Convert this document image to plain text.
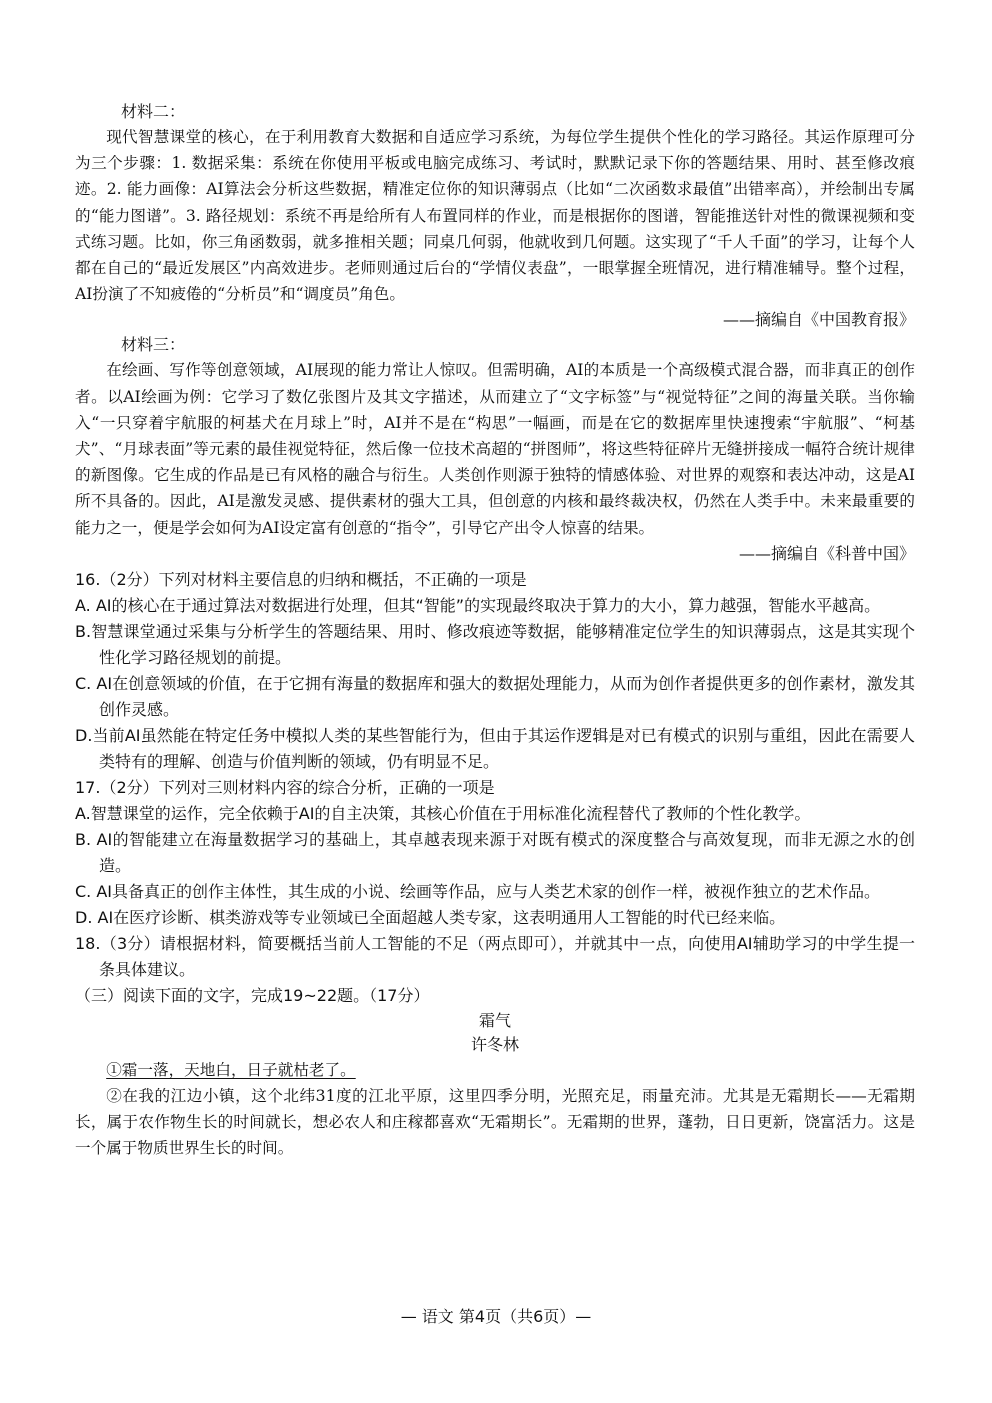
材料二：

现代智慧课堂的核心，在于利用教育大数据和自适应学习系统，为每位学生提供个性化的学习路径。其运作原理可分为三个步骤：1. 数据采集：系统在你使用平板或电脑完成练习、考试时，默默记录下你的答题结果、用时、甚至修改痕迹。2. 能力画像：AI算法会分析这些数据，精准定位你的知识薄弱点（比如“二次函数求最值”出错率高），并绘制出专属的“能力图谱”。3. 路径规划：系统不再是给所有人布置同样的作业，而是根据你的图谱，智能推送针对性的微课视频和变式练习题。比如，你三角函数弱，就多推相关题；同桌几何弱，他就收到几何题。这实现了“千人千面”的学习，让每个人都在自己的“最近发展区”内高效进步。老师则通过后台的“学情仪表盘”，一眼掌握全班情况，进行精准辅导。整个过程，AI扮演了不知疲倦的“分析员”和“调度员”角色。

——摘编自《中国教育报》

材料三：

在绘画、写作等创意领域，AI展现的能力常让人惊叹。但需明确，AI的本质是一个高级模式混合器，而非真正的创作者。以AI绘画为例：它学习了数亿张图片及其文字描述，从而建立了“文字标签”与“视觉特征”之间的海量关联。当你输入“一只穿着宇航服的柯基犬在月球上”时，AI并不是在“构思”一幅画，而是在它的数据库里快速搜索“宇航服”、“柯基犬”、“月球表面”等元素的最佳视觉特征，然后像一位技术高超的“拼图师”，将这些特征碎片无缝拼接成一幅符合统计规律的新图像。它生成的作品是已有风格的融合与衍生。人类创作则源于独特的情感体验、对世界的观察和表达冲动，这是AI所不具备的。因此，AI是激发灵感、提供素材的强大工具，但创意的内核和最终裁决权，仍然在人类手中。未来最重要的能力之一，便是学会如何为AI设定富有创意的“指令”，引导它产出令人惊喜的结果。

——摘编自《科普中国》

16.（2分）下列对材料主要信息的归纳和概括，不正确的一项是

A. AI的核心在于通过算法对数据进行处理，但其“智能”的实现最终取决于算力的大小，算力越强，智能水平越高。

B.智慧课堂通过采集与分析学生的答题结果、用时、修改痕迹等数据，能够精准定位学生的知识薄弱点，这是其实现个性化学习路径规划的前提。

C. AI在创意领域的价值，在于它拥有海量的数据库和强大的数据处理能力，从而为创作者提供更多的创作素材，激发其创作灵感。

D.当前AI虽然能在特定任务中模拟人类的某些智能行为，但由于其运作逻辑是对已有模式的识别与重组，因此在需要人类特有的理解、创造与价值判断的领域，仍有明显不足。

17.（2分）下列对三则材料内容的综合分析，正确的一项是

A.智慧课堂的运作，完全依赖于AI的自主决策，其核心价值在于用标准化流程替代了教师的个性化教学。

B. AI的智能建立在海量数据学习的基础上，其卓越表现来源于对既有模式的深度整合与高效复现，而非无源之水的创造。

C. AI具备真正的创作主体性，其生成的小说、绘画等作品，应与人类艺术家的创作一样，被视作独立的艺术作品。

D. AI在医疗诊断、棋类游戏等专业领域已全面超越人类专家，这表明通用人工智能的时代已经来临。

18.（3分）请根据材料，简要概括当前人工智能的不足（两点即可），并就其中一点，向使用AI辅助学习的中学生提一条具体建议。

（三）阅读下面的文字，完成19~22题。（17分）

霜气

许冬林

①霜一落，天地白，日子就枯老了。

②在我的江边小镇，这个北纬31度的江北平原，这里四季分明，光照充足，雨量充沛。尤其是无霜期长——无霜期长，属于农作物生长的时间就长，想必农人和庄稼都喜欢“无霜期长”。无霜期的世界，蓬勃，日日更新，饶富活力。这是一个属于物质世界生长的时间。

— 语文 第4页（共6页）—
